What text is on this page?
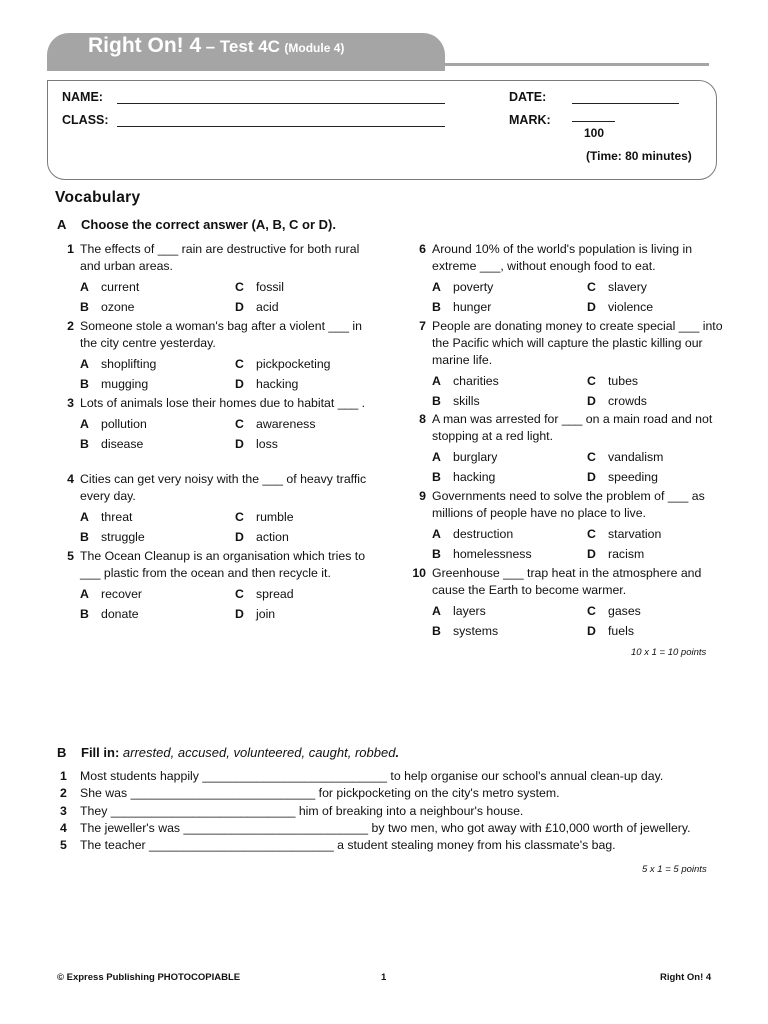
Right On! 4 – Test 4C (Module 4)
NAME:
CLASS:
DATE:
MARK:
100
(Time: 80 minutes)
Vocabulary
A Choose the correct answer (A, B, C or D).
1 The effects of ___ rain are destructive for both rural and urban areas.

A current	C fossil
B ozone	D acid
2 Someone stole a woman's bag after a violent ___ in the city centre yesterday.

A shoplifting	C pickpocketing
B mugging	D hacking
3 Lots of animals lose their homes due to habitat ___ .

A pollution	C awareness
B disease	D loss
4 Cities can get very noisy with the ___ of heavy traffic every day.

A threat	C rumble
B struggle	D action
5 The Ocean Cleanup is an organisation which tries to ___ plastic from the ocean and then recycle it.

A recover	C spread
B donate	D join
6 Around 10% of the world's population is living in extreme ___, without enough food to eat.

A poverty	C slavery
B hunger	D violence
7 People are donating money to create special ___ into the Pacific which will capture the plastic killing our marine life.

A charities	C tubes
B skills	D crowds
8 A man was arrested for ___ on a main road and not stopping at a red light.

A burglary	C vandalism
B hacking	D speeding
9 Governments need to solve the problem of ___ as millions of people have no place to live.

A destruction	C starvation
B homelessness	D racism
10 Greenhouse ___ trap heat in the atmosphere and cause the Earth to become warmer.

A layers	C gases
B systems	D fuels
10 x 1 = 10 points
B Fill in: arrested, accused, volunteered, caught, robbed.
1 Most students happily ___________________________ to help organise our school's annual clean-up day.
2 She was ___________________________ for pickpocketing on the city's metro system.
3 They ___________________________ him of breaking into a neighbour's house.
4 The jeweller's was ___________________________ by two men, who got away with £10,000 worth of jewellery.
5 The teacher ___________________________ a student stealing money from his classmate's bag.
5 x 1 = 5 points
© Express Publishing PHOTOCOPIABLE	1	Right On! 4
